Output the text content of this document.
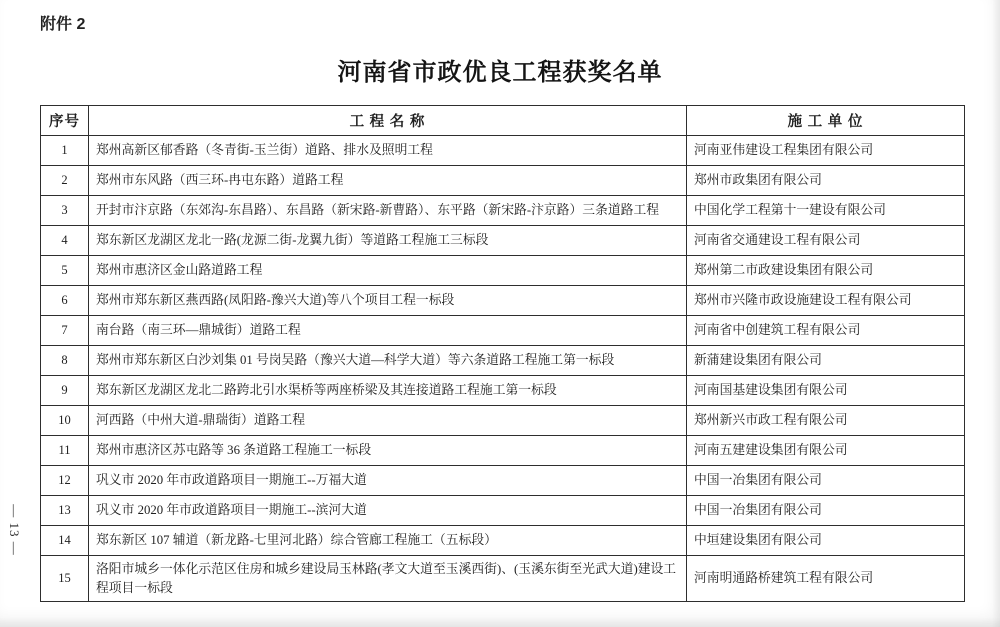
附件 2
河南省市政优良工程获奖名单
— 13 —
序号	工 程 名 称	施 工 单 位
1	郑州高新区郁香路（冬青街-玉兰街）道路、排水及照明工程	河南亚伟建设工程集团有限公司
2	郑州市东风路（西三环-冉屯东路）道路工程	郑州市政集团有限公司
3	开封市汴京路（东郊沟-东昌路）、东昌路（新宋路-新曹路）、东平路（新宋路-汴京路）三条道路工程	中国化学工程第十一建设有限公司
4	郑东新区龙湖区龙北一路(龙源二街-龙翼九街）等道路工程施工三标段	河南省交通建设工程有限公司
5	郑州市惠济区金山路道路工程	郑州第二市政建设集团有限公司
6	郑州市郑东新区燕西路(凤阳路-豫兴大道)等八个项目工程一标段	郑州市兴隆市政设施建设工程有限公司
7	南台路（南三环—鼎城街）道路工程	河南省中创建筑工程有限公司
8	郑州市郑东新区白沙刘集 01 号岗吴路（豫兴大道—科学大道）等六条道路工程施工第一标段	新蒲建设集团有限公司
9	郑东新区龙湖区龙北二路跨北引水渠桥等两座桥梁及其连接道路工程施工第一标段	河南国基建设集团有限公司
10	河西路（中州大道-鼎瑞街）道路工程	郑州新兴市政工程有限公司
11	郑州市惠济区苏屯路等 36 条道路工程施工一标段	河南五建建设集团有限公司
12	巩义市 2020 年市政道路项目一期施工--万福大道	中国一冶集团有限公司
13	巩义市 2020 年市政道路项目一期施工--滨河大道	中国一冶集团有限公司
14	郑东新区 107 辅道（新龙路-七里河北路）综合管廊工程施工（五标段）	中垣建设集团有限公司
15	洛阳市城乡一体化示范区住房和城乡建设局玉林路(孝文大道至玉溪西街)、(玉溪东街至光武大道)建设工程项目一标段	河南明通路桥建筑工程有限公司
